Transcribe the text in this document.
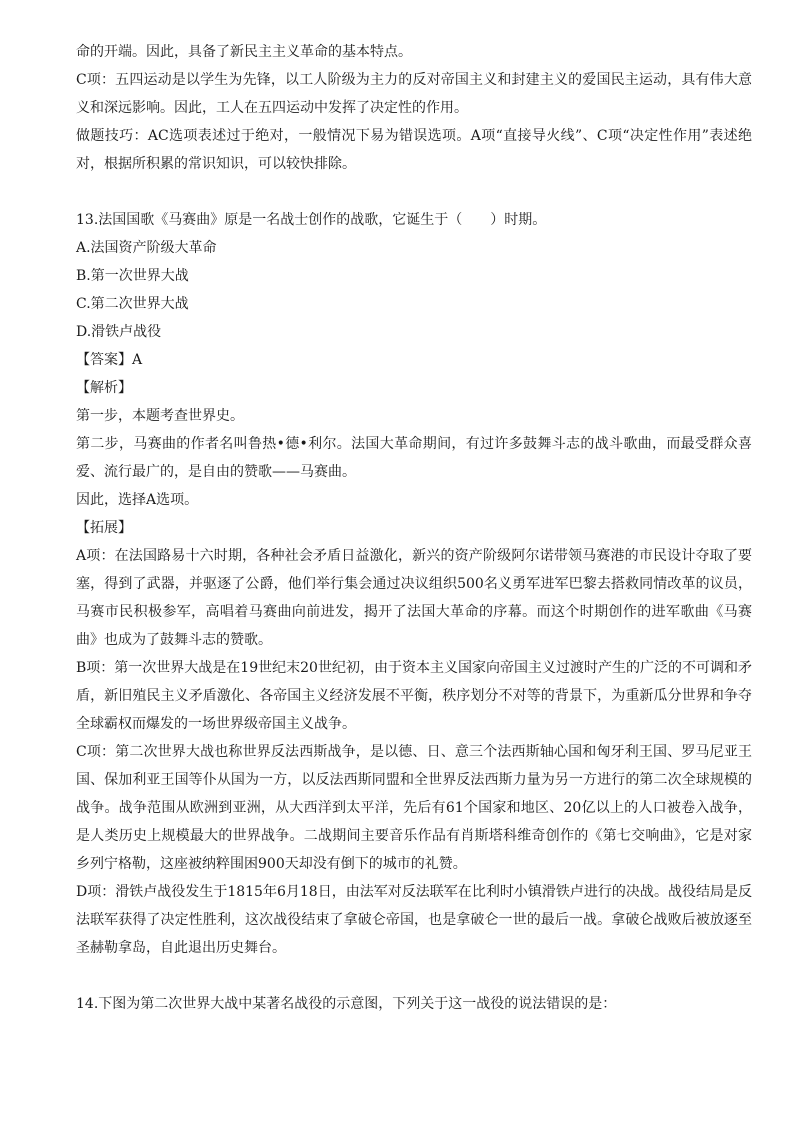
命的开端。因此，具备了新民主主义革命的基本特点。

C项：五四运动是以学生为先锋，以工人阶级为主力的反对帝国主义和封建主义的爱国民主运动，具有伟大意义和深远影响。因此，工人在五四运动中发挥了决定性的作用。

做题技巧：AC选项表述过于绝对，一般情况下易为错误选项。A项“直接导火线”、C项“决定性作用”表述绝对，根据所积累的常识知识，可以较快排除。

13.法国国歌《马赛曲》原是一名战士创作的战歌，它诞生于（　　）时期。

A.法国资产阶级大革命

B.第一次世界大战

C.第二次世界大战

D.滑铁卢战役

【答案】A

【解析】

第一步，本题考查世界史。

第二步，马赛曲的作者名叫鲁热•德•利尔。法国大革命期间，有过许多鼓舞斗志的战斗歌曲，而最受群众喜爱、流行最广的，是自由的赞歌——马赛曲。

因此，选择A选项。

【拓展】

A项：在法国路易十六时期，各种社会矛盾日益激化，新兴的资产阶级阿尔诺带领马赛港的市民设计夺取了要塞，得到了武器，并驱逐了公爵，他们举行集会通过决议组织500名义勇军进军巴黎去搭救同情改革的议员，马赛市民积极参军，高唱着马赛曲向前进发，揭开了法国大革命的序幕。而这个时期创作的进军歌曲《马赛曲》也成为了鼓舞斗志的赞歌。

B项：第一次世界大战是在19世纪末20世纪初，由于资本主义国家向帝国主义过渡时产生的广泛的不可调和矛盾，新旧殖民主义矛盾激化、各帝国主义经济发展不平衡，秩序划分不对等的背景下，为重新瓜分世界和争夺全球霸权而爆发的一场世界级帝国主义战争。

C项：第二次世界大战也称世界反法西斯战争，是以德、日、意三个法西斯轴心国和匈牙利王国、罗马尼亚王国、保加利亚王国等仆从国为一方，以反法西斯同盟和全世界反法西斯力量为另一方进行的第二次全球规模的战争。战争范围从欧洲到亚洲，从大西洋到太平洋，先后有61个国家和地区、20亿以上的人口被卷入战争，是人类历史上规模最大的世界战争。二战期间主要音乐作品有肖斯塔科维奇创作的《第七交响曲》，它是对家乡列宁格勒，这座被纳粹围困900天却没有倒下的城市的礼赞。

D项：滑铁卢战役发生于1815年6月18日，由法军对反法联军在比利时小镇滑铁卢进行的决战。战役结局是反法联军获得了决定性胜利，这次战役结束了拿破仑帝国，也是拿破仑一世的最后一战。拿破仑战败后被放逐至圣赫勒拿岛，自此退出历史舞台。

14.下图为第二次世界大战中某著名战役的示意图，下列关于这一战役的说法错误的是：
